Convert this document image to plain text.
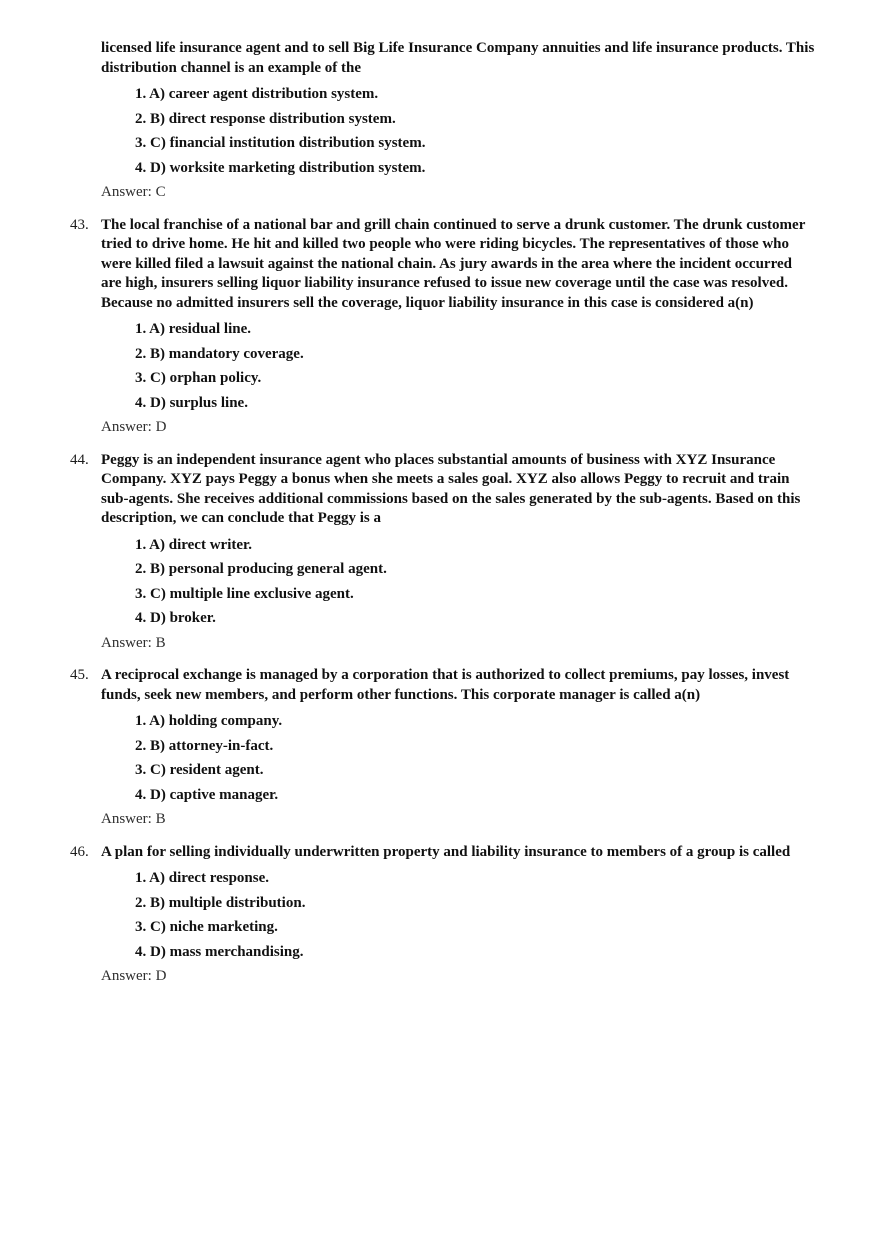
licensed life insurance agent and to sell Big Life Insurance Company annuities and life insurance products. This distribution channel is an example of the
1. A) career agent distribution system.
2. B) direct response distribution system.
3. C) financial institution distribution system.
4. D) worksite marketing distribution system.
Answer: C
43. The local franchise of a national bar and grill chain continued to serve a drunk customer. The drunk customer tried to drive home. He hit and killed two people who were riding bicycles. The representatives of those who were killed filed a lawsuit against the national chain. As jury awards in the area where the incident occurred are high, insurers selling liquor liability insurance refused to issue new coverage until the case was resolved. Because no admitted insurers sell the coverage, liquor liability insurance in this case is considered a(n)
1. A) residual line.
2. B) mandatory coverage.
3. C) orphan policy.
4. D) surplus line.
Answer: D
44. Peggy is an independent insurance agent who places substantial amounts of business with XYZ Insurance Company. XYZ pays Peggy a bonus when she meets a sales goal. XYZ also allows Peggy to recruit and train sub-agents. She receives additional commissions based on the sales generated by the sub-agents. Based on this description, we can conclude that Peggy is a
1. A) direct writer.
2. B) personal producing general agent.
3. C) multiple line exclusive agent.
4. D) broker.
Answer: B
45. A reciprocal exchange is managed by a corporation that is authorized to collect premiums, pay losses, invest funds, seek new members, and perform other functions. This corporate manager is called a(n)
1. A) holding company.
2. B) attorney-in-fact.
3. C) resident agent.
4. D) captive manager.
Answer: B
46. A plan for selling individually underwritten property and liability insurance to members of a group is called
1. A) direct response.
2. B) multiple distribution.
3. C) niche marketing.
4. D) mass merchandising.
Answer: D
